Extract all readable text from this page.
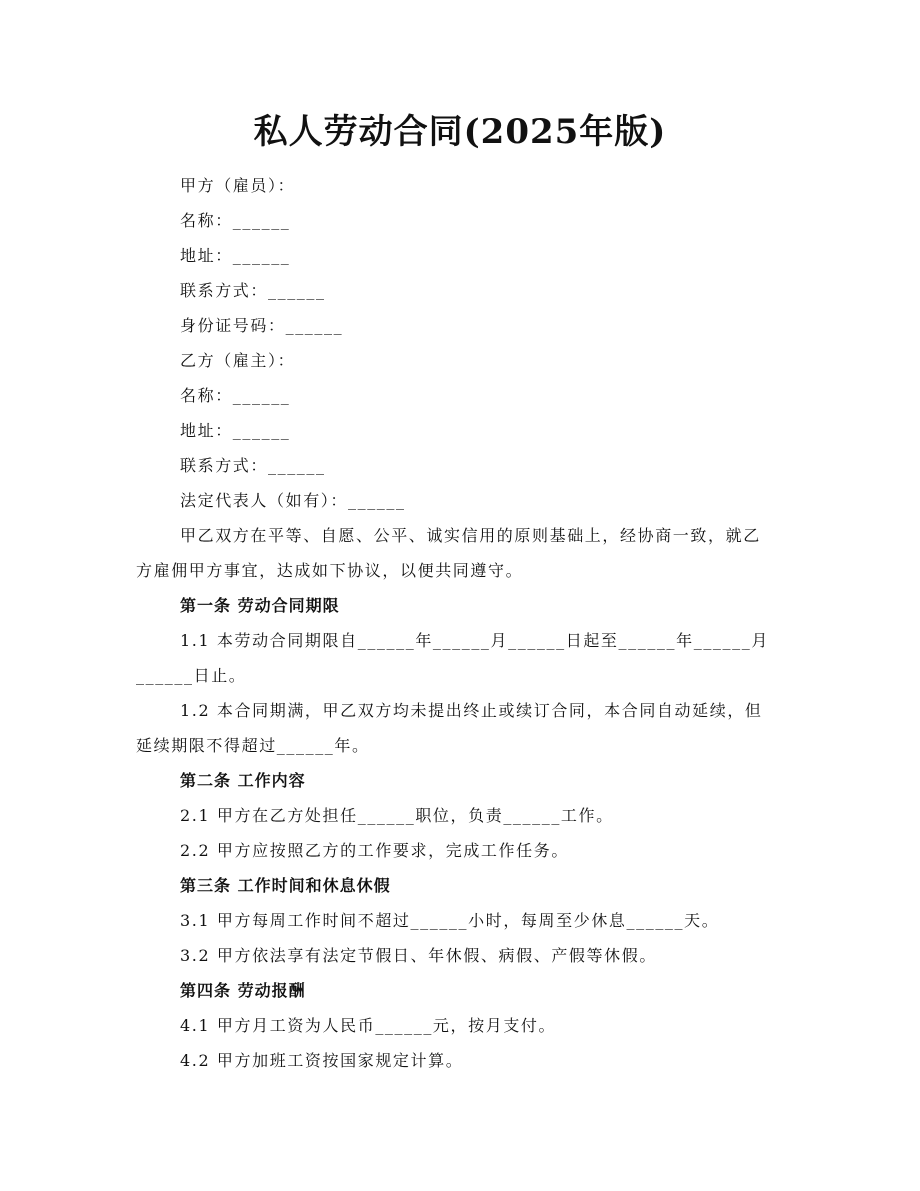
私人劳动合同(2025年版)
甲方（雇员）：
名称：______
地址：______
联系方式：______
身份证号码：______
乙方（雇主）：
名称：______
地址：______
联系方式：______
法定代表人（如有）：______
甲乙双方在平等、自愿、公平、诚实信用的原则基础上，经协商一致，就乙
方雇佣甲方事宜，达成如下协议，以便共同遵守。
第一条 劳动合同期限
1.1 本劳动合同期限自______年______月______日起至______年______月
______日止。
1.2 本合同期满，甲乙双方均未提出终止或续订合同，本合同自动延续，但
延续期限不得超过______年。
第二条 工作内容
2.1 甲方在乙方处担任______职位，负责______工作。
2.2 甲方应按照乙方的工作要求，完成工作任务。
第三条 工作时间和休息休假
3.1 甲方每周工作时间不超过______小时，每周至少休息______天。
3.2 甲方依法享有法定节假日、年休假、病假、产假等休假。
第四条 劳动报酬
4.1 甲方月工资为人民币______元，按月支付。
4.2 甲方加班工资按国家规定计算。
